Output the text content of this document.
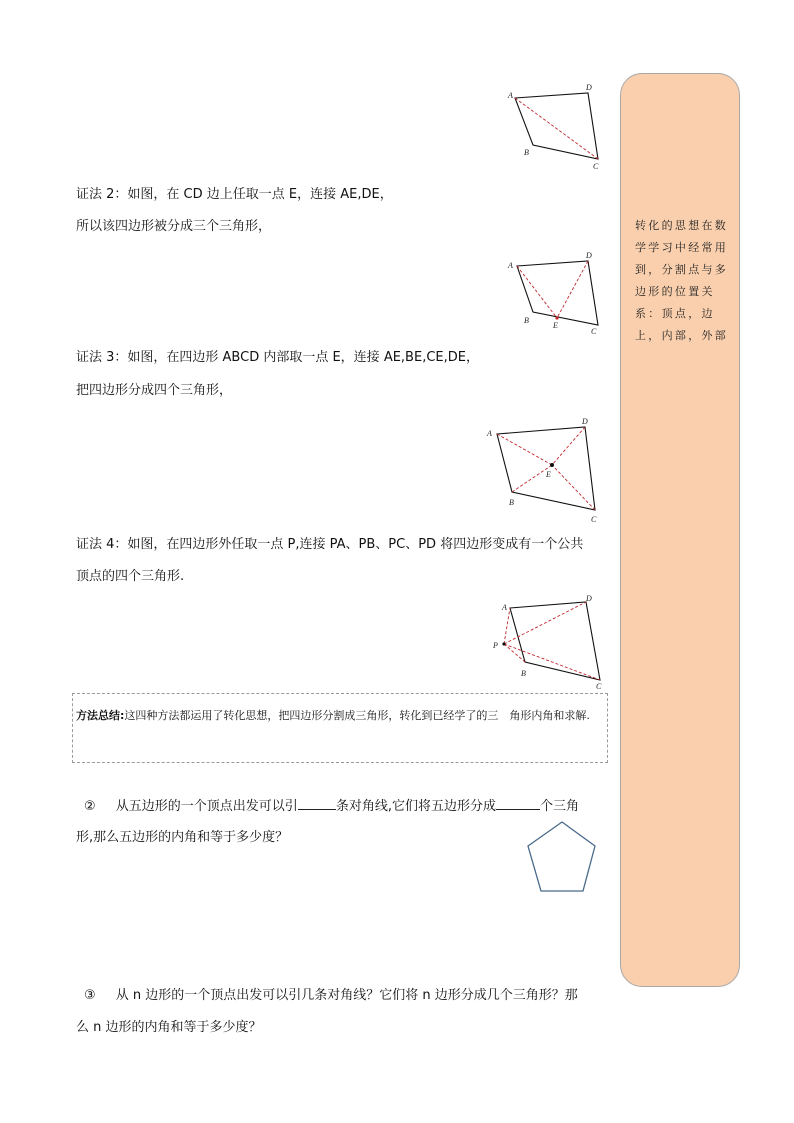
转化的思想在数学学习中经常用到，分割点与多边形的位置关系：顶点，边上，内部，外部
A
D
B
C
证法 2：如图，在 CD 边上任取一点 E，连接 AE,DE，
所以该四边形被分成三个三角形，
A
D
B
E
C
证法 3：如图，在四边形 ABCD 内部取一点 E，连接 AE,BE,CE,DE，
把四边形分成四个三角形，
A
D
E
B
C
证法 4：如图，在四边形外任取一点 P,连接 PA、PB、PC、PD 将四边形变成有一个公共
顶点的四个三角形.
A
D
P
B
C
方法总结:这四种方法都运用了转化思想，把四边形分割成三角形，转化到已经学了的三　角形内角和求解.
② 从五边形的一个顶点出发可以引	条对角线,它们将五边形分成	个三角
形,那么五边形的内角和等于多少度？
③ 从 n 边形的一个顶点出发可以引几条对角线？它们将 n 边形分成几个三角形？那
么 n 边形的内角和等于多少度？
